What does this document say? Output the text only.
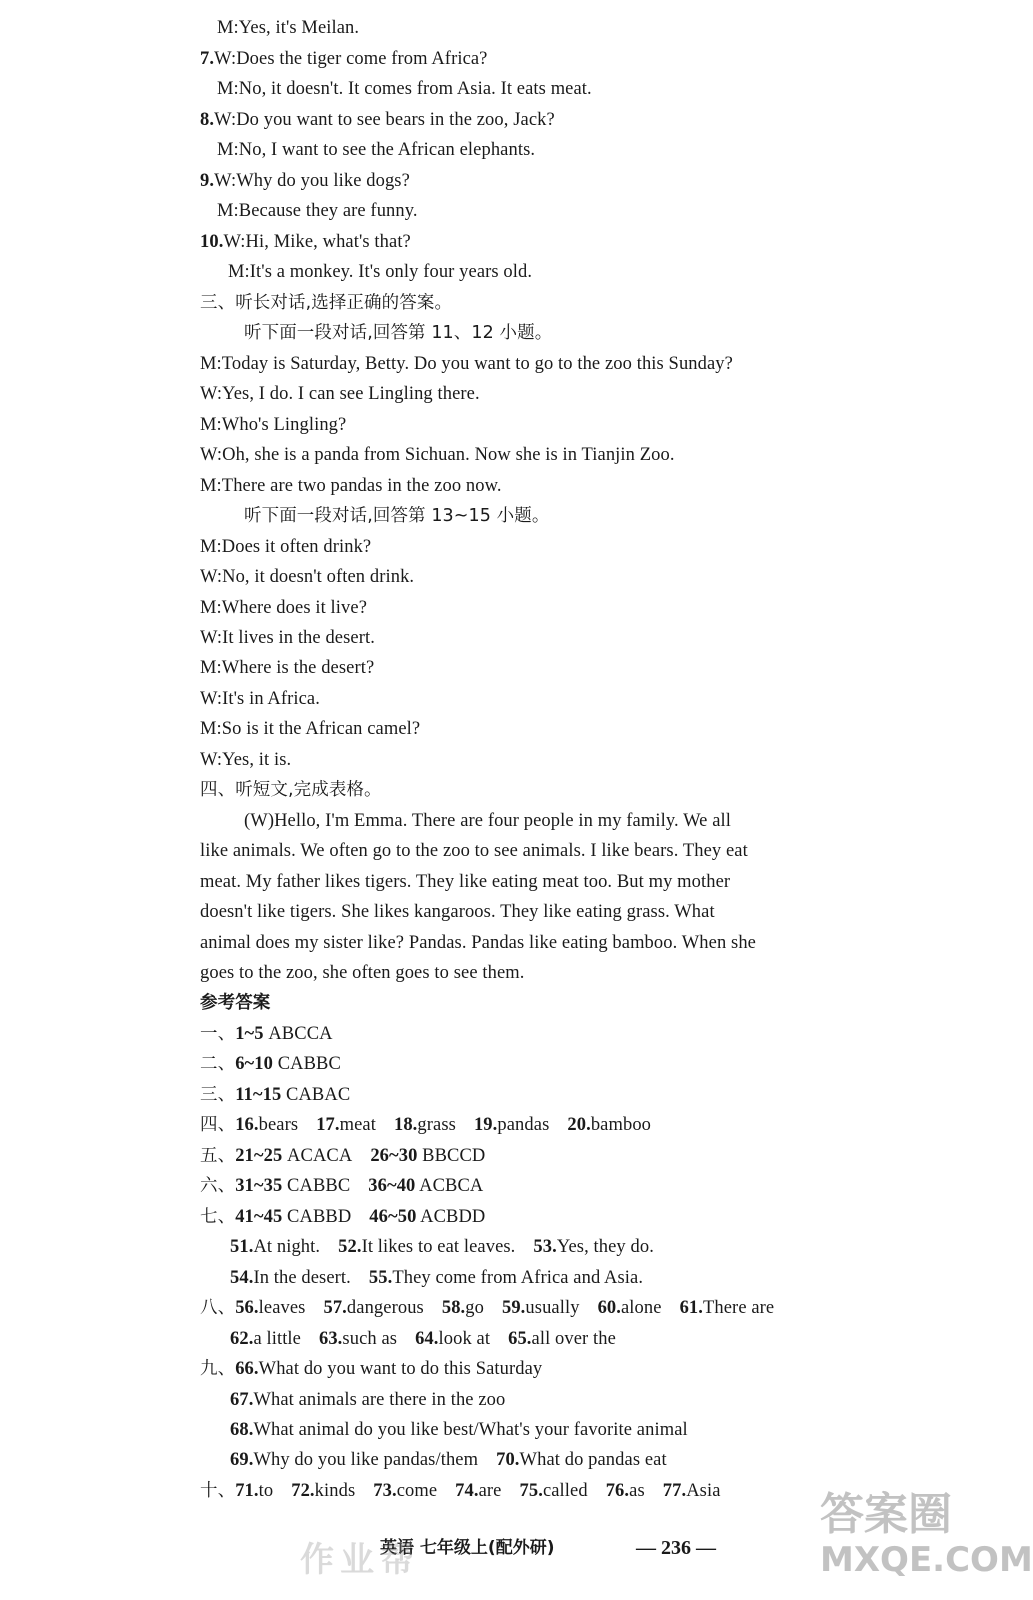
M:Yes, it's Meilan.
7.W:Does the tiger come from Africa?
M:No, it doesn't. It comes from Asia. It eats meat.
8.W:Do you want to see bears in the zoo, Jack?
M:No, I want to see the African elephants.
9.W:Why do you like dogs?
M:Because they are funny.
10.W:Hi, Mike, what's that?
M:It's a monkey. It's only four years old.
三、听长对话,选择正确的答案。
听下面一段对话,回答第 11、12 小题。
M:Today is Saturday, Betty. Do you want to go to the zoo this Sunday?
W:Yes, I do. I can see Lingling there.
M:Who's Lingling?
W:Oh, she is a panda from Sichuan. Now she is in Tianjin Zoo.
M:There are two pandas in the zoo now.
听下面一段对话,回答第 13~15 小题。
M:Does it often drink?
W:No, it doesn't often drink.
M:Where does it live?
W:It lives in the desert.
M:Where is the desert?
W:It's in Africa.
M:So is it the African camel?
W:Yes, it is.
四、听短文,完成表格。
(W)Hello, I'm Emma. There are four people in my family. We all
like animals. We often go to the zoo to see animals. I like bears. They eat
meat. My father likes tigers. They like eating meat too. But my mother
doesn't like tigers. She likes kangaroos. They like eating grass. What
animal does my sister like? Pandas. Pandas like eating bamboo. When she
goes to the zoo, she often goes to see them.
参考答案
一、1~5 ABCCA
二、6~10 CABBC
三、11~15 CABAC
四、16.bears 17.meat 18.grass 19.pandas 20.bamboo
五、21~25 ACACA 26~30 BBCCD
六、31~35 CABBC 36~40 ACBCA
七、41~45 CABBD 46~50 ACBDD
51.At night. 52.It likes to eat leaves. 53.Yes, they do.
54.In the desert. 55.They come from Africa and Asia.
八、56.leaves 57.dangerous 58.go 59.usually 60.alone 61.There are
62.a little 63.such as 64.look at 65.all over the
九、66.What do you want to do this Saturday
67.What animals are there in the zoo
68.What animal do you like best/What's your favorite animal
69.Why do you like pandas/them 70.What do pandas eat
十、71.to 72.kinds 73.come 74.are 75.called 76.as 77.Asia
英语 七年级上(配外研)	— 236 —
作业帮
答案圈
MXQE.COM
